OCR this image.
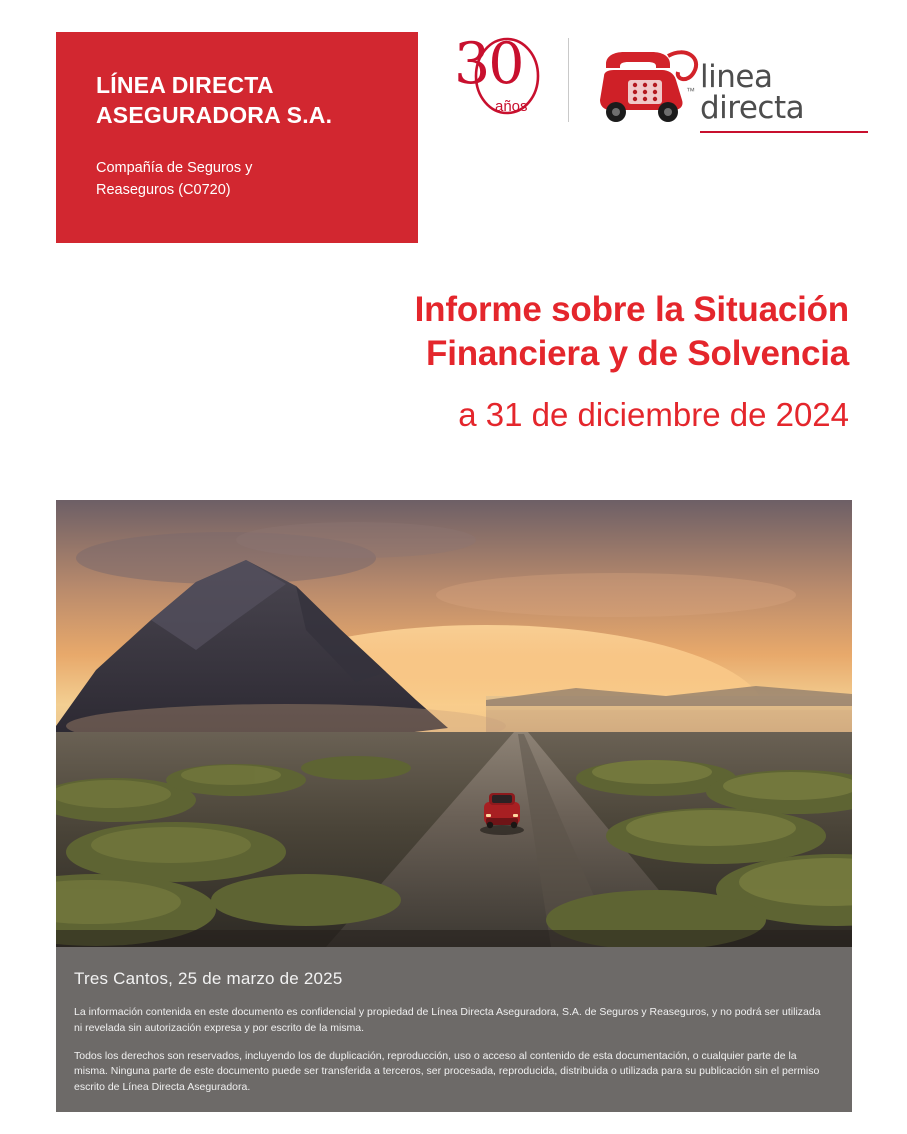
LÍNEA DIRECTA
ASEGURADORA S.A.
Compañía de Seguros y
Reaseguros (C0720)
30
años
™ linea directa
Informe sobre la Situación
Financiera y de Solvencia
a 31 de diciembre de 2024
Tres Cantos, 25 de marzo de 2025

La información contenida en este documento es confidencial y propiedad de Línea Directa Aseguradora, S.A. de Seguros y Reaseguros, y no podrá ser utilizada ni revelada sin autorización expresa y por escrito de la misma.

Todos los derechos son reservados, incluyendo los de duplicación, reproducción, uso o acceso al contenido de esta documentación, o cualquier parte de la misma. Ninguna parte de este documento puede ser transferida a terceros, ser procesada, reproducida, distribuida o utilizada para su publicación sin el permiso escrito de Línea Directa Aseguradora.
